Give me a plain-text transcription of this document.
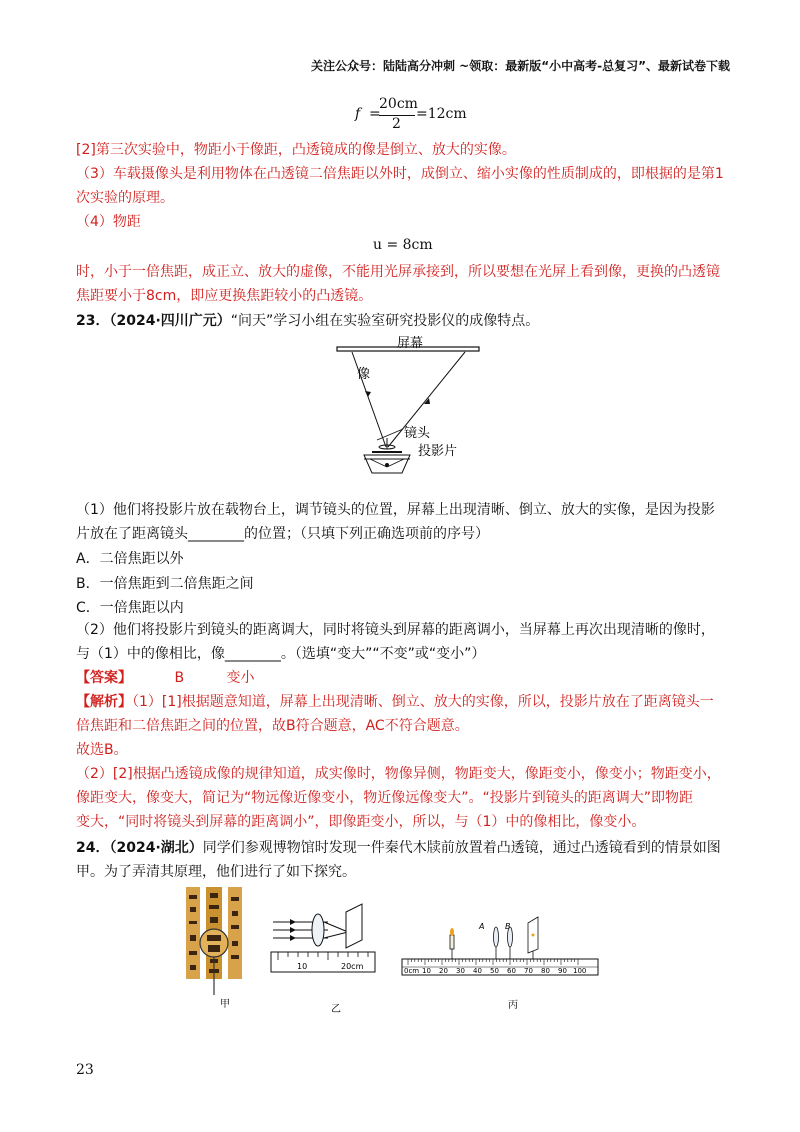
关注公众号：陆陆高分冲刺 ~领取：最新版“小中高考-总复习”、最新试卷下载
f =
20cm
2
=12cm
[2]第三次实验中，物距小于像距，凸透镜成的像是倒立、放大的实像。
（3）车载摄像头是利用物体在凸透镜二倍焦距以外时，成倒立、缩小实像的性质制成的，即根据的是第1
次实验的原理。
（4）物距
u = 8cm
时，小于一倍焦距，成正立、放大的虚像，不能用光屏承接到，所以要想在光屏上看到像，更换的凸透镜
焦距要小于8cm，即应更换焦距较小的凸透镜。
23．（2024·四川广元）“问天”学习小组在实验室研究投影仪的成像特点。
屏幕
像
镜头
投影片
（1）他们将投影片放在载物台上，调节镜头的位置，屏幕上出现清晰、倒立、放大的实像，是因为投影
片放在了距离镜头________的位置；（只填下列正确选项前的序号）
A．二倍焦距以外
B．一倍焦距到二倍焦距之间
C．一倍焦距以内
（2）他们将投影片到镜头的距离调大，同时将镜头到屏幕的距离调小，当屏幕上再次出现清晰的像时，
与（1）中的像相比，像________。（选填“变大”“不变”或“变小”）
【答案】	B	变小
【解析】（1）[1]根据题意知道，屏幕上出现清晰、倒立、放大的实像，所以，投影片放在了距离镜头一
倍焦距和二倍焦距之间的位置，故B符合题意，AC不符合题意。
故选B。
（2）[2]根据凸透镜成像的规律知道，成实像时，物像异侧，物距变大，像距变小，像变小；物距变小，
像距变大，像变大，简记为“物远像近像变小，物近像远像变大”。“投影片到镜头的距离调大”即物距
变大，“同时将镜头到屏幕的距离调小”，即像距变小，所以，与（1）中的像相比，像变小。
24．（2024·湖北）同学们参观博物馆时发现一件秦代木牍前放置着凸透镜，通过凸透镜看到的情景如图
甲。为了弄清其原理，他们进行了如下探究。
甲
10	20cm
乙
A	B
0cm 10 20 30 40 50 60 70 80 90 100
丙
23
